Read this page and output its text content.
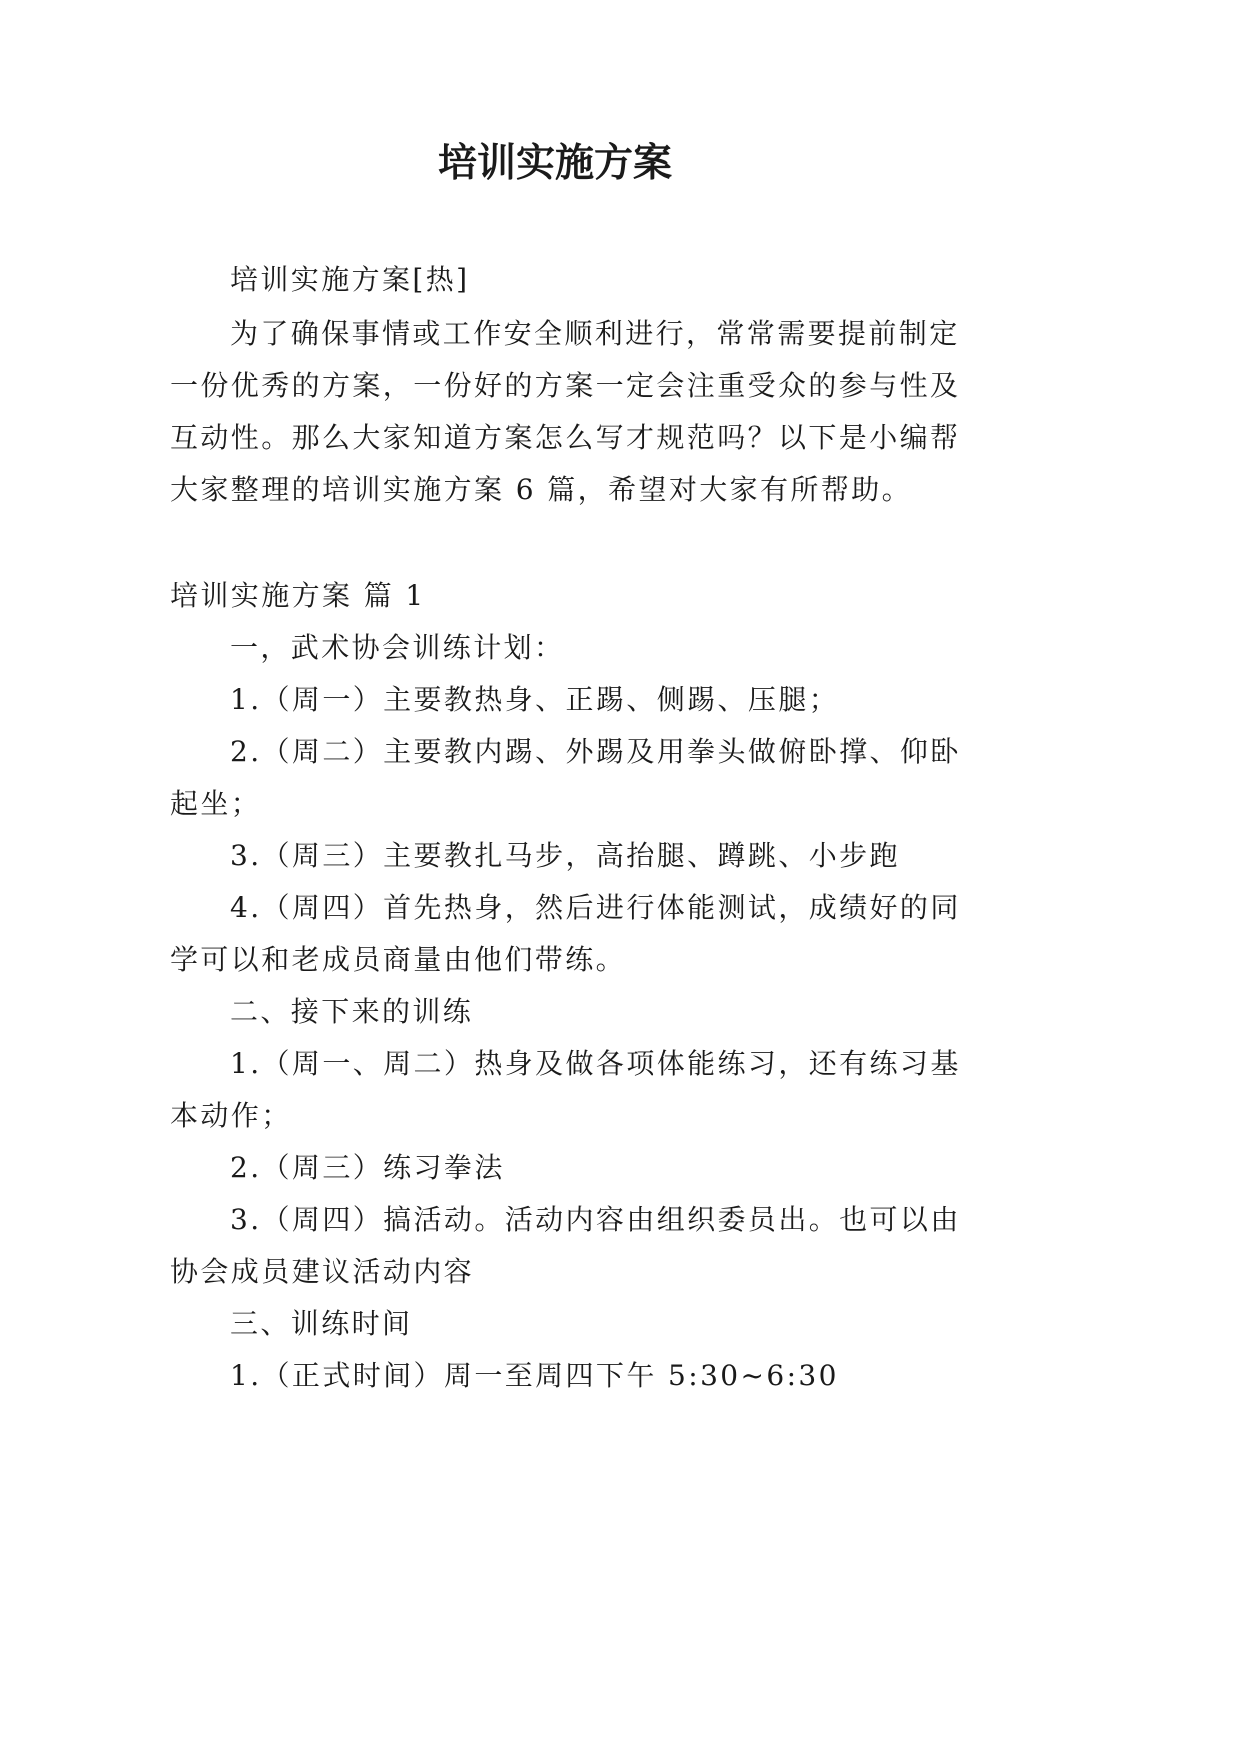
培训实施方案
培训实施方案[热]
为了确保事情或工作安全顺利进行，常常需要提前制定
一份优秀的方案，一份好的方案一定会注重受众的参与性及
互动性。那么大家知道方案怎么写才规范吗？以下是小编帮
大家整理的培训实施方案 6 篇，希望对大家有所帮助。
培训实施方案 篇 1
一，武术协会训练计划：
1.（周一）主要教热身、正踢、侧踢、压腿；
2.（周二）主要教内踢、外踢及用拳头做俯卧撑、仰卧
起坐；
3.（周三）主要教扎马步，高抬腿、蹲跳、小步跑
4.（周四）首先热身，然后进行体能测试，成绩好的同
学可以和老成员商量由他们带练。
二、接下来的训练
1.（周一、周二）热身及做各项体能练习，还有练习基
本动作；
2.（周三）练习拳法
3.（周四）搞活动。活动内容由组织委员出。也可以由
协会成员建议活动内容
三、训练时间
1.（正式时间）周一至周四下午 5:30~6:30
